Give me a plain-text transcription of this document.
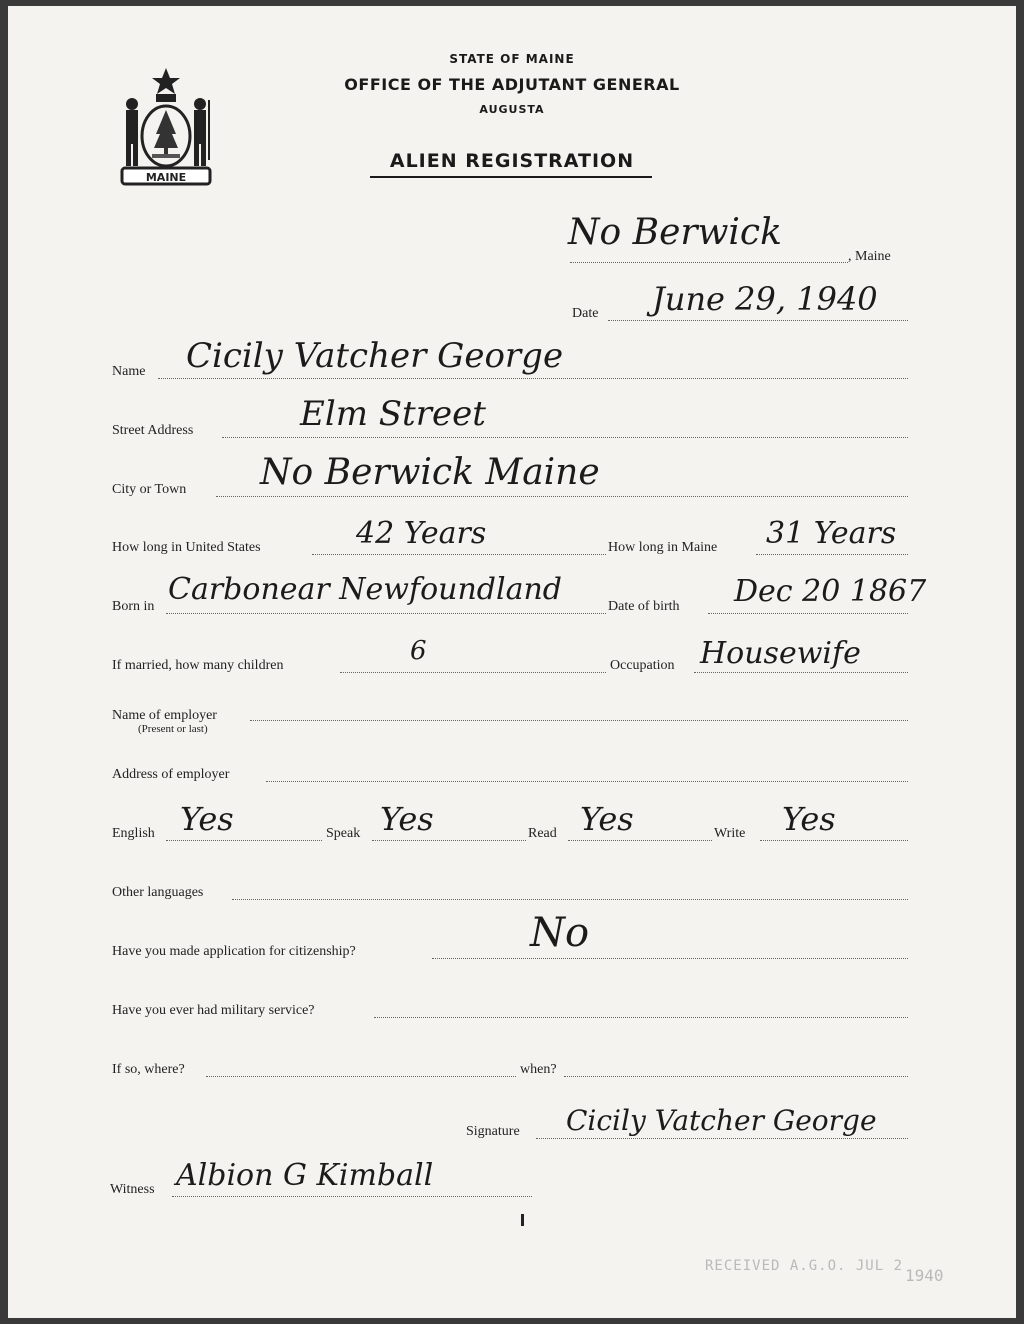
MAINE
STATE OF MAINE
OFFICE OF THE ADJUTANT GENERAL
AUGUSTA
ALIEN REGISTRATION
No Berwick
, Maine
Date June 29, 1940
Name Cicily Vatcher George
Street Address	Elm Street
City or Town No Berwick Maine
How long in United States	42 Years	How long in Maine 31 Years
Born in Carbonear Newfoundland	Date of birth Dec 20 1867
If married, how many children	6	Occupation Housewife
Name of employer
(Present or last)
Address of employer
English Yes	Speak Yes	Read Yes	Write Yes
Other languages
Have you made application for citizenship?	No
Have you ever had military service?
If so, where?	when?
Signature Cicily Vatcher George
Witness Albion G Kimball
RECEIVED A.G.O. JUL 2 1940
